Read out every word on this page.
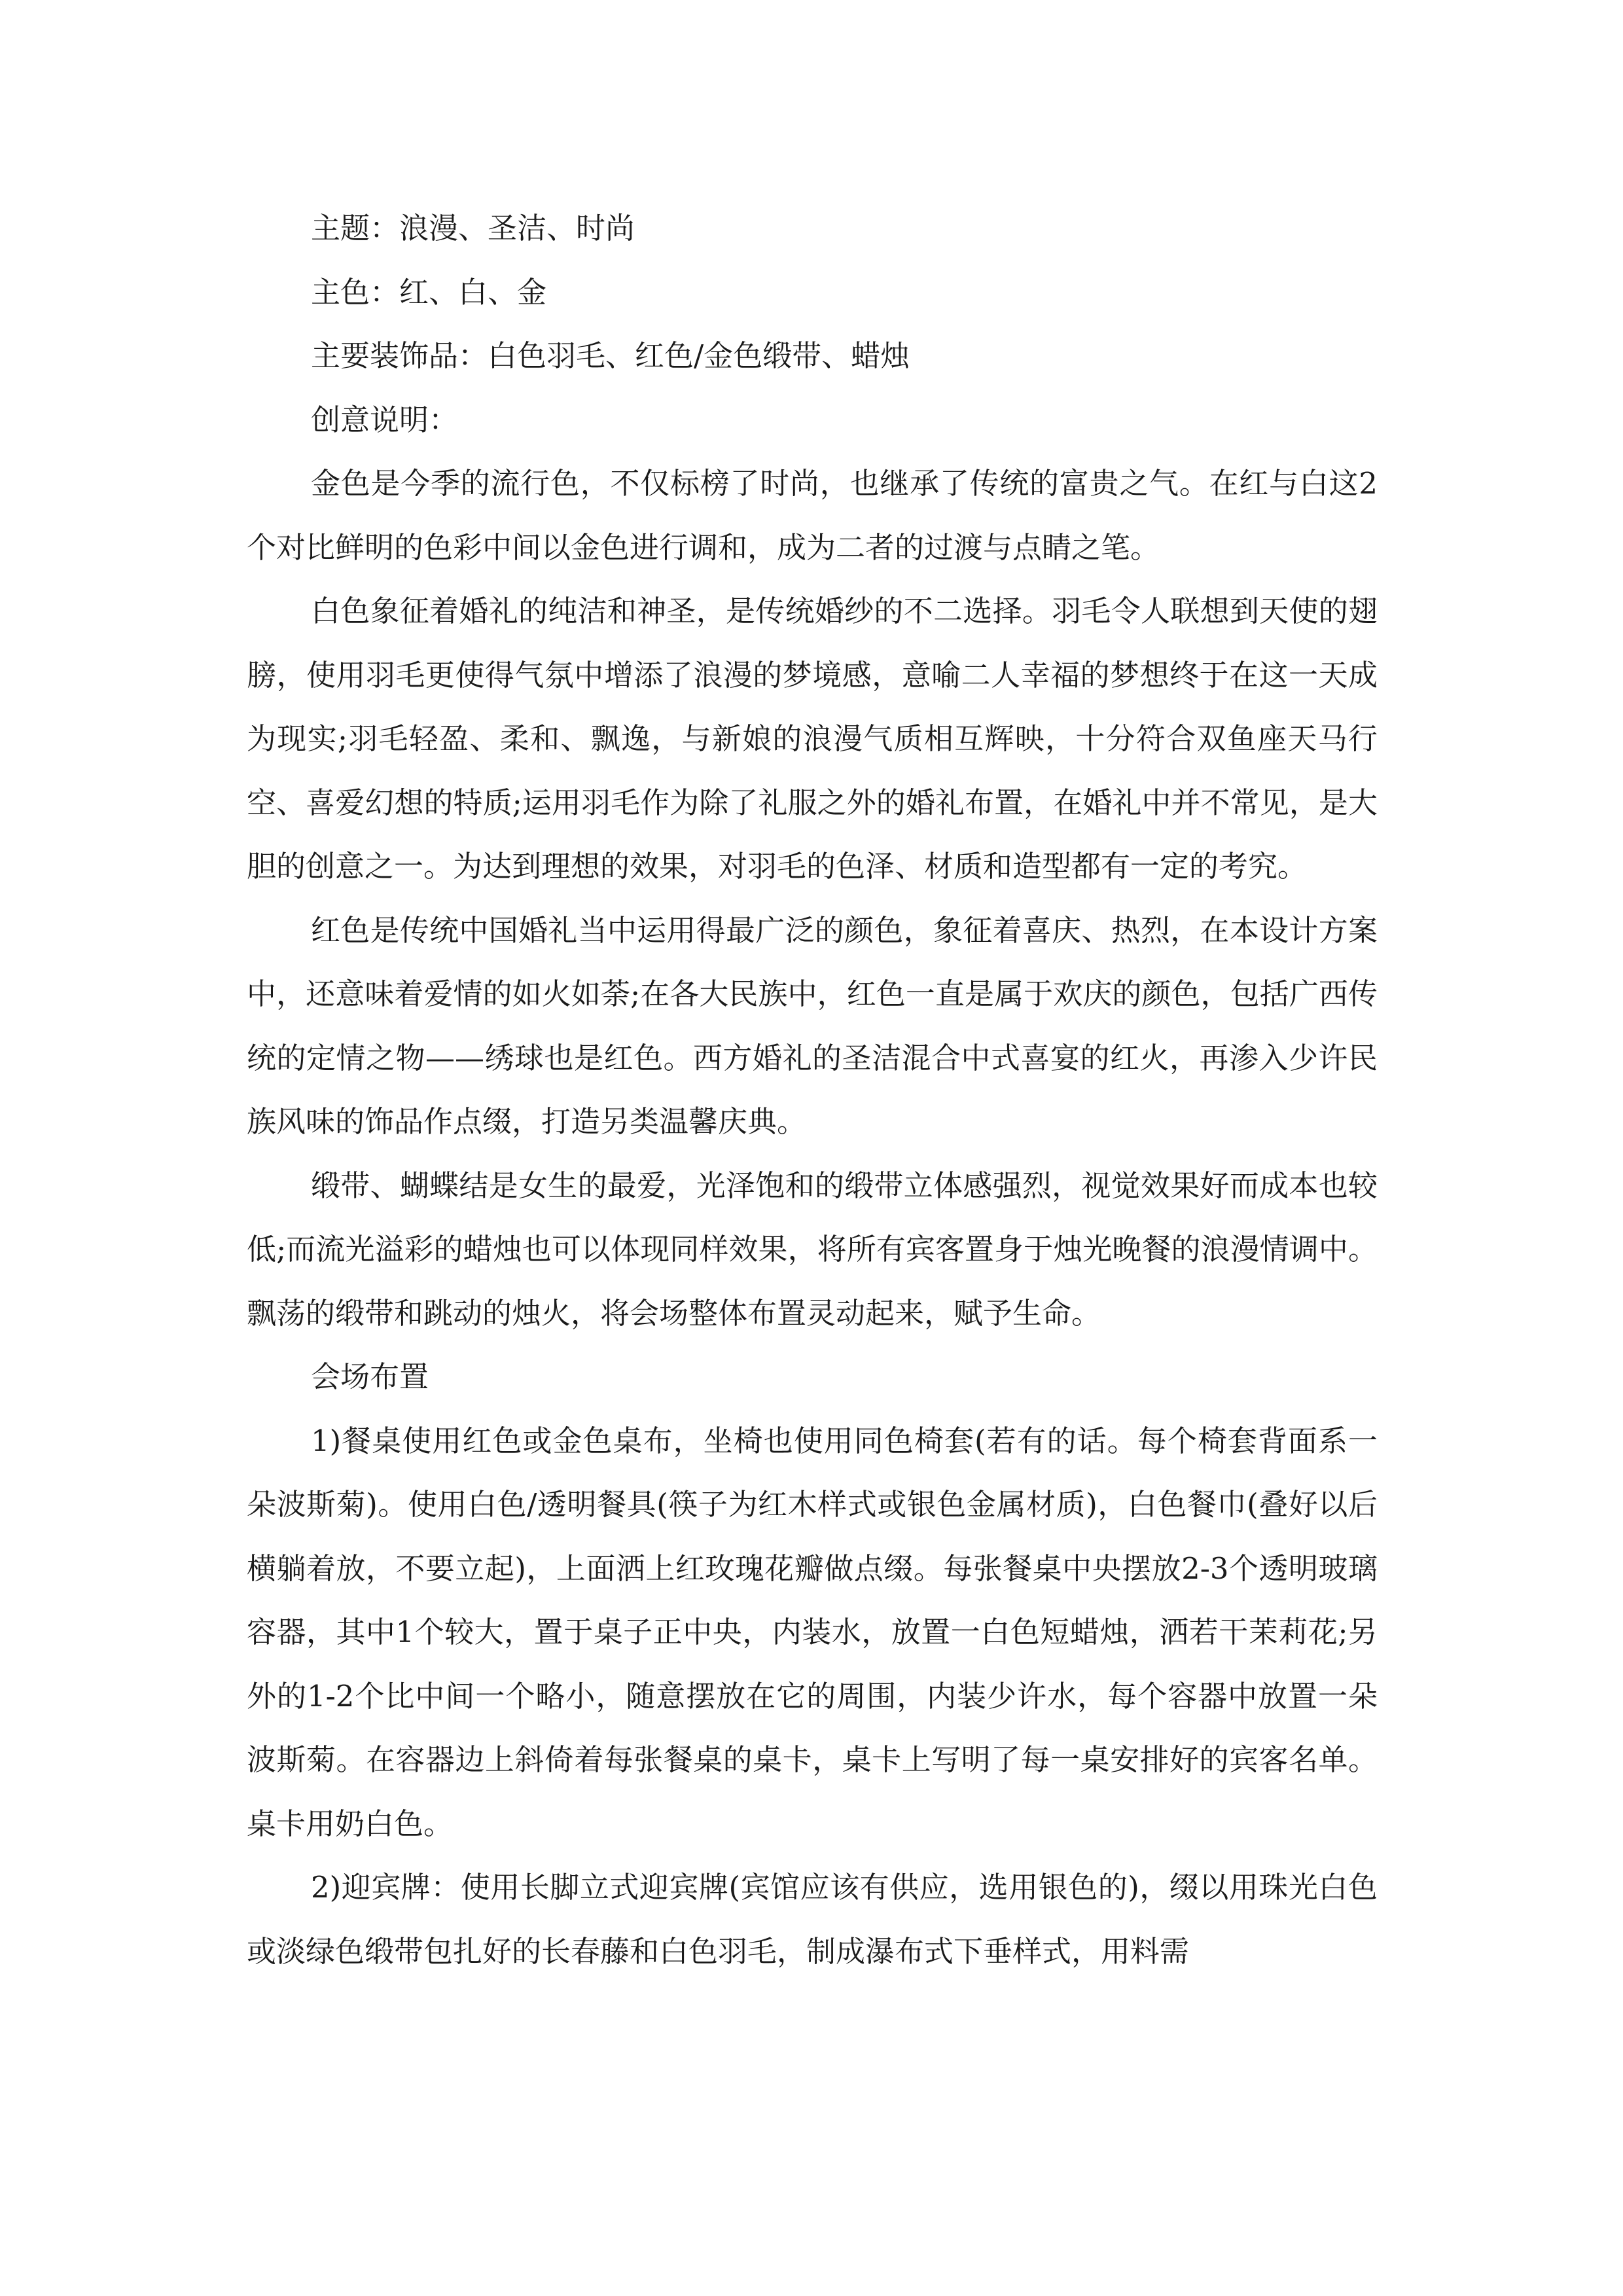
主题：浪漫、圣洁、时尚

主色：红、白、金

主要装饰品：白色羽毛、红色/金色缎带、蜡烛

创意说明：

金色是今季的流行色，不仅标榜了时尚，也继承了传统的富贵之气。在红与白这2个对比鲜明的色彩中间以金色进行调和，成为二者的过渡与点睛之笔。

白色象征着婚礼的纯洁和神圣，是传统婚纱的不二选择。羽毛令人联想到天使的翅膀，使用羽毛更使得气氛中增添了浪漫的梦境感，意喻二人幸福的梦想终于在这一天成为现实;羽毛轻盈、柔和、飘逸，与新娘的浪漫气质相互辉映，十分符合双鱼座天马行空、喜爱幻想的特质;运用羽毛作为除了礼服之外的婚礼布置，在婚礼中并不常见，是大胆的创意之一。为达到理想的效果，对羽毛的色泽、材质和造型都有一定的考究。

红色是传统中国婚礼当中运用得最广泛的颜色，象征着喜庆、热烈，在本设计方案中，还意味着爱情的如火如荼;在各大民族中，红色一直是属于欢庆的颜色，包括广西传统的定情之物——绣球也是红色。西方婚礼的圣洁混合中式喜宴的红火，再渗入少许民族风味的饰品作点缀，打造另类温馨庆典。

缎带、蝴蝶结是女生的最爱，光泽饱和的缎带立体感强烈，视觉效果好而成本也较低;而流光溢彩的蜡烛也可以体现同样效果，将所有宾客置身于烛光晚餐的浪漫情调中。飘荡的缎带和跳动的烛火，将会场整体布置灵动起来，赋予生命。

会场布置

1)餐桌使用红色或金色桌布，坐椅也使用同色椅套(若有的话。每个椅套背面系一朵波斯菊)。使用白色/透明餐具(筷子为红木样式或银色金属材质)，白色餐巾(叠好以后横躺着放，不要立起)，上面洒上红玫瑰花瓣做点缀。每张餐桌中央摆放2-3个透明玻璃容器，其中1个较大，置于桌子正中央，内装水，放置一白色短蜡烛，洒若干茉莉花;另外的1-2个比中间一个略小，随意摆放在它的周围，内装少许水，每个容器中放置一朵波斯菊。在容器边上斜倚着每张餐桌的桌卡，桌卡上写明了每一桌安排好的宾客名单。桌卡用奶白色。

2)迎宾牌：使用长脚立式迎宾牌(宾馆应该有供应，选用银色的)，缀以用珠光白色或淡绿色缎带包扎好的长春藤和白色羽毛，制成瀑布式下垂样式，用料需
